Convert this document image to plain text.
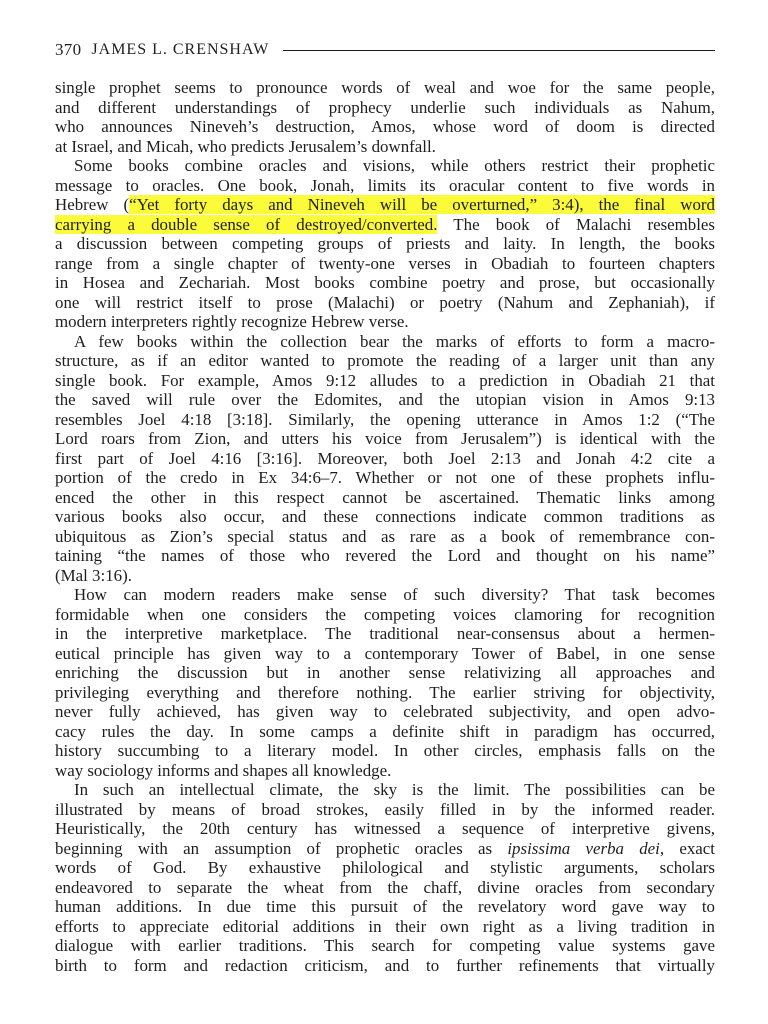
370 JAMES L. CRENSHAW
single prophet seems to pronounce words of weal and woe for the same people,
and different understandings of prophecy underlie such individuals as Nahum,
who announces Nineveh’s destruction, Amos, whose word of doom is directed
at Israel, and Micah, who predicts Jerusalem’s downfall.
Some books combine oracles and visions, while others restrict their prophetic
message to oracles. One book, Jonah, limits its oracular content to five words in
Hebrew (“Yet forty days and Nineveh will be overturned,” 3:4), the final word
carrying a double sense of destroyed/converted. The book of Malachi resembles
a discussion between competing groups of priests and laity. In length, the books
range from a single chapter of twenty-one verses in Obadiah to fourteen chapters
in Hosea and Zechariah. Most books combine poetry and prose, but occasionally
one will restrict itself to prose (Malachi) or poetry (Nahum and Zephaniah), if
modern interpreters rightly recognize Hebrew verse.
A few books within the collection bear the marks of efforts to form a macro-
structure, as if an editor wanted to promote the reading of a larger unit than any
single book. For example, Amos 9:12 alludes to a prediction in Obadiah 21 that
the saved will rule over the Edomites, and the utopian vision in Amos 9:13
resembles Joel 4:18 [3:18]. Similarly, the opening utterance in Amos 1:2 (“The
Lord roars from Zion, and utters his voice from Jerusalem”) is identical with the
first part of Joel 4:16 [3:16]. Moreover, both Joel 2:13 and Jonah 4:2 cite a
portion of the credo in Ex 34:6–7. Whether or not one of these prophets influ-
enced the other in this respect cannot be ascertained. Thematic links among
various books also occur, and these connections indicate common traditions as
ubiquitous as Zion’s special status and as rare as a book of remembrance con-
taining “the names of those who revered the Lord and thought on his name”
(Mal 3:16).
How can modern readers make sense of such diversity? That task becomes
formidable when one considers the competing voices clamoring for recognition
in the interpretive marketplace. The traditional near-consensus about a hermen-
eutical principle has given way to a contemporary Tower of Babel, in one sense
enriching the discussion but in another sense relativizing all approaches and
privileging everything and therefore nothing. The earlier striving for objectivity,
never fully achieved, has given way to celebrated subjectivity, and open advo-
cacy rules the day. In some camps a definite shift in paradigm has occurred,
history succumbing to a literary model. In other circles, emphasis falls on the
way sociology informs and shapes all knowledge.
In such an intellectual climate, the sky is the limit. The possibilities can be
illustrated by means of broad strokes, easily filled in by the informed reader.
Heuristically, the 20th century has witnessed a sequence of interpretive givens,
beginning with an assumption of prophetic oracles as ipsissima verba dei, exact
words of God. By exhaustive philological and stylistic arguments, scholars
endeavored to separate the wheat from the chaff, divine oracles from secondary
human additions. In due time this pursuit of the revelatory word gave way to
efforts to appreciate editorial additions in their own right as a living tradition in
dialogue with earlier traditions. This search for competing value systems gave
birth to form and redaction criticism, and to further refinements that virtually
